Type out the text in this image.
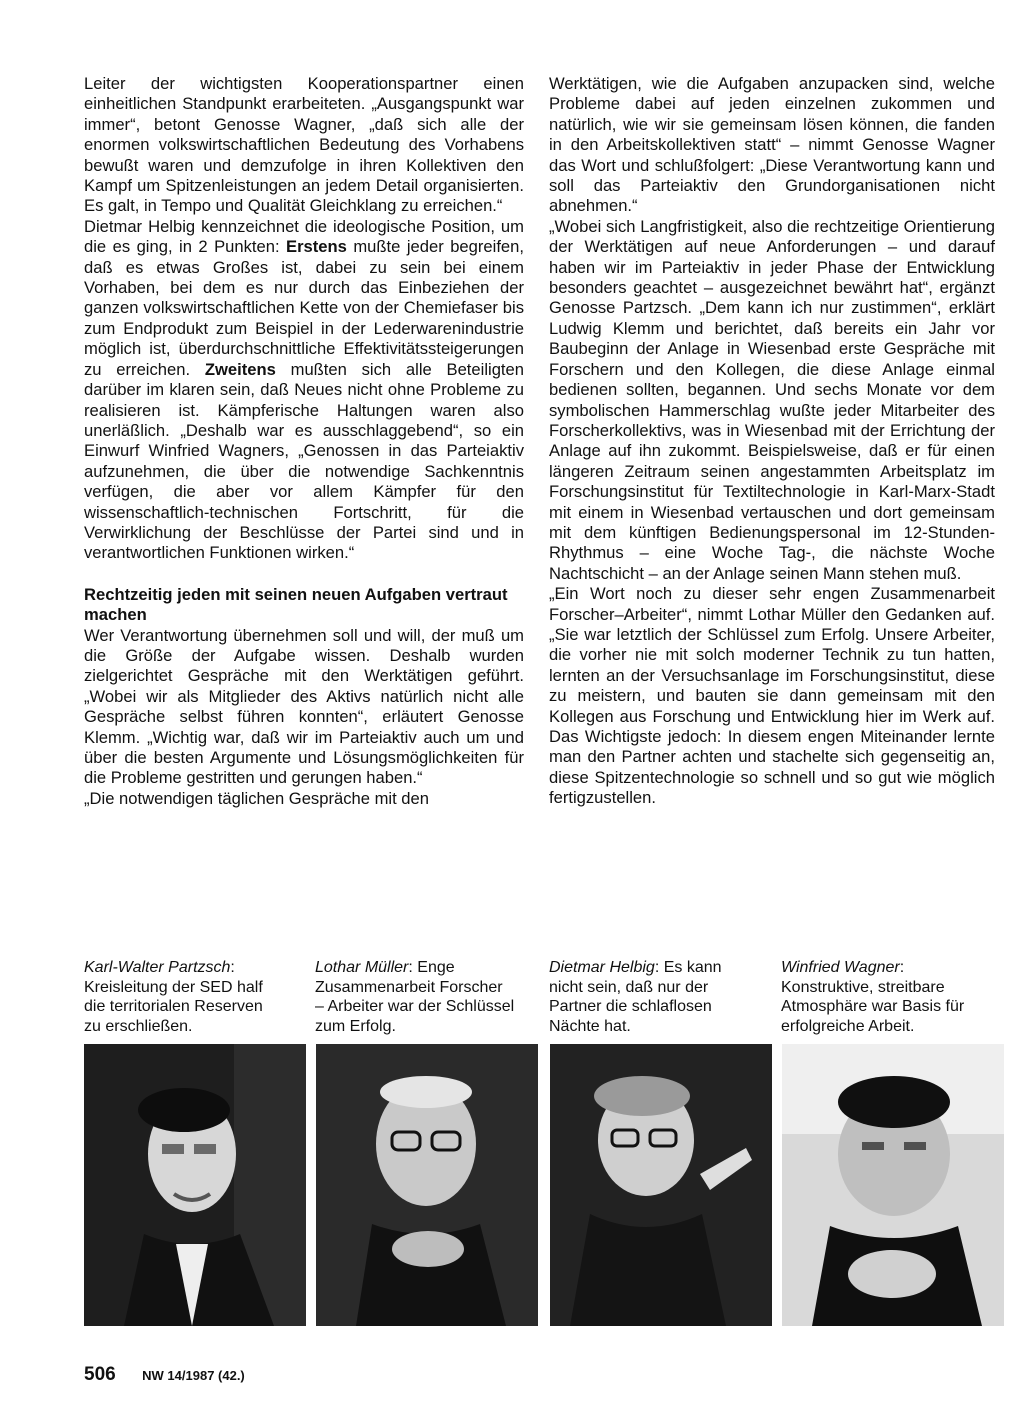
Leiter der wichtigsten Kooperationspartner einen einheitlichen Standpunkt erarbeiteten. „Ausgangspunkt war immer“, betont Genosse Wagner, „daß sich alle der enormen volkswirtschaftlichen Bedeutung des Vorhabens bewußt waren und demzufolge in ihren Kollektiven den Kampf um Spitzenleistungen an jedem Detail organisierten. Es galt, in Tempo und Qualität Gleichklang zu erreichen.“

Dietmar Helbig kennzeichnet die ideologische Position, um die es ging, in 2 Punkten: Erstens mußte jeder begreifen, daß es etwas Großes ist, dabei zu sein bei einem Vorhaben, bei dem es nur durch das Einbeziehen der ganzen volkswirtschaftlichen Kette von der Chemiefaser bis zum Endprodukt zum Beispiel in der Lederwarenindustrie möglich ist, überdurchschnittliche Effektivitätssteigerungen zu erreichen. Zweitens mußten sich alle Beteiligten darüber im klaren sein, daß Neues nicht ohne Probleme zu realisieren ist. Kämpferische Haltungen waren also unerläßlich. „Deshalb war es ausschlaggebend“, so ein Einwurf Winfried Wagners, „Genossen in das Parteiaktiv aufzunehmen, die über die notwendige Sachkenntnis verfügen, die aber vor allem Kämpfer für den wissenschaftlich-technischen Fortschritt, für die Verwirklichung der Beschlüsse der Partei sind und in verantwortlichen Funktionen wirken.“

Rechtzeitig jeden mit seinen neuen Aufgaben vertraut machen

Wer Verantwortung übernehmen soll und will, der muß um die Größe der Aufgabe wissen. Deshalb wurden zielgerichtet Gespräche mit den Werktätigen geführt. „Wobei wir als Mitglieder des Aktivs natürlich nicht alle Gespräche selbst führen konnten“, erläutert Genosse Klemm. „Wichtig war, daß wir im Parteiaktiv auch um und über die besten Argumente und Lösungsmöglichkeiten für die Probleme gestritten und gerungen haben.“

„Die notwendigen täglichen Gespräche mit den

Werktätigen, wie die Aufgaben anzupacken sind, welche Probleme dabei auf jeden einzelnen zukommen und natürlich, wie wir sie gemeinsam lösen können, die fanden in den Arbeitskollektiven statt“ – nimmt Genosse Wagner das Wort und schlußfolgert: „Diese Verantwortung kann und soll das Parteiaktiv den Grundorganisationen nicht abnehmen.“

„Wobei sich Langfristigkeit, also die rechtzeitige Orientierung der Werktätigen auf neue Anforderungen – und darauf haben wir im Parteiaktiv in jeder Phase der Entwicklung besonders geachtet – ausgezeichnet bewährt hat“, ergänzt Genosse Partzsch. „Dem kann ich nur zustimmen“, erklärt Ludwig Klemm und berichtet, daß bereits ein Jahr vor Baubeginn der Anlage in Wiesenbad erste Gespräche mit Forschern und den Kollegen, die diese Anlage einmal bedienen sollten, begannen. Und sechs Monate vor dem symbolischen Hammerschlag wußte jeder Mitarbeiter des Forscherkollektivs, was in Wiesenbad mit der Errichtung der Anlage auf ihn zukommt. Beispielsweise, daß er für einen längeren Zeitraum seinen angestammten Arbeitsplatz im Forschungsinstitut für Textiltechnologie in Karl-Marx-Stadt mit einem in Wiesenbad vertauschen und dort gemeinsam mit dem künftigen Bedienungspersonal im 12-Stunden-Rhythmus – eine Woche Tag-, die nächste Woche Nachtschicht – an der Anlage seinen Mann stehen muß.

„Ein Wort noch zu dieser sehr engen Zusammenarbeit Forscher–Arbeiter“, nimmt Lothar Müller den Gedanken auf. „Sie war letztlich der Schlüssel zum Erfolg. Unsere Arbeiter, die vorher nie mit solch moderner Technik zu tun hatten, lernten an der Versuchsanlage im Forschungsinstitut, diese zu meistern, und bauten sie dann gemeinsam mit den Kollegen aus Forschung und Entwicklung hier im Werk auf. Das Wichtigste jedoch: In diesem engen Miteinander lernte man den Partner achten und stachelte sich gegenseitig an, diese Spitzentechnologie so schnell und so gut wie möglich fertigzustellen.

Karl-Walter Partzsch: Kreisleitung der SED half die territorialen Reserven zu erschließen.
Lothar Müller: Enge Zusammenarbeit Forscher – Arbeiter war der Schlüssel zum Erfolg.
Dietmar Helbig: Es kann nicht sein, daß nur der Partner die schlaflosen Nächte hat.
Winfried Wagner: Konstruktive, streitbare Atmosphäre war Basis für erfolgreiche Arbeit.
506 NW 14/1987 (42.)
